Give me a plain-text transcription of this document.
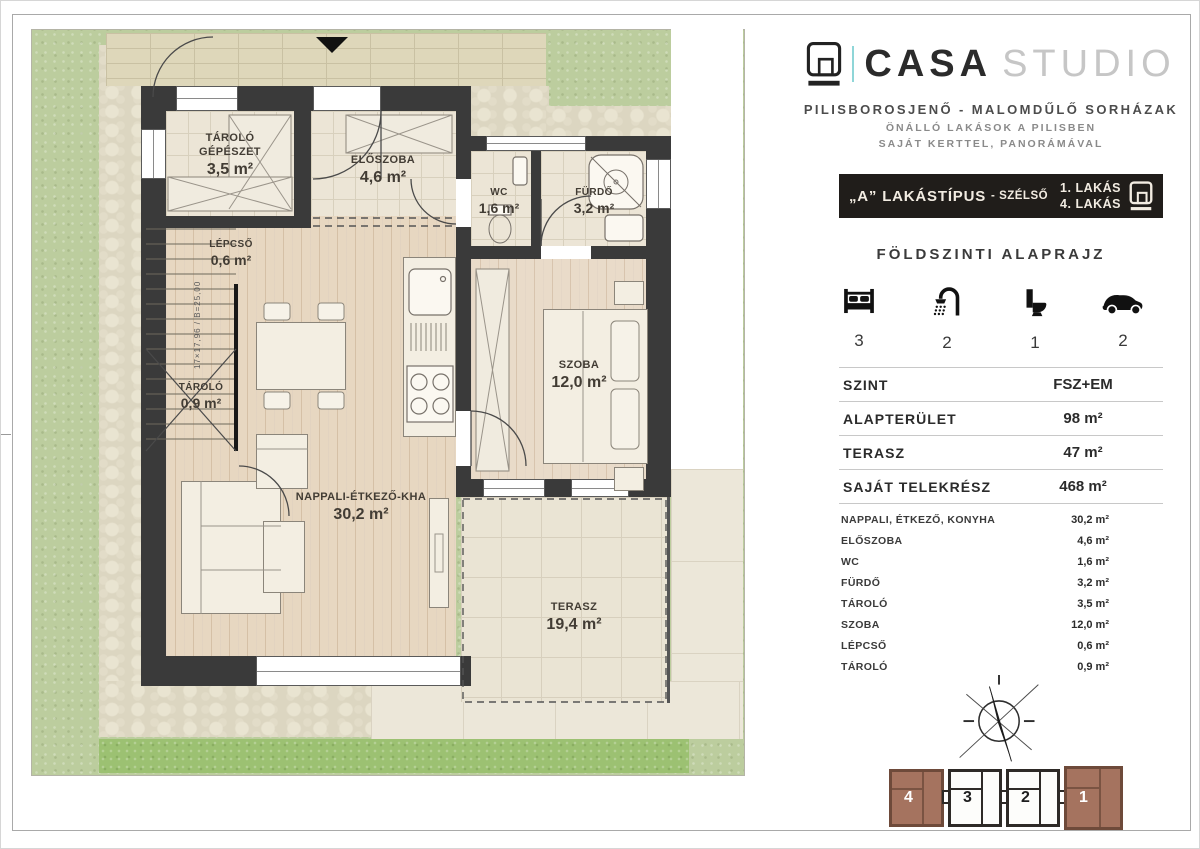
TÁROLÓ GÉPÉSZET
3,5 m²
ELŐSZOBA
4,6 m²
WC
1,6 m²
FÜRDŐ
3,2 m²
LÉPCSŐ
0,6 m²
TÁROLÓ
0,9 m²
SZOBA
12,0 m²
NAPPALI-ÉTKEZŐ-KHA
30,2 m²
TERASZ
19,4 m²
17×17,96 / B=25,00
CASA STUDIO
PILISBOROSJENŐ - MALOMDŰLŐ SORHÁZAK
ÖNÁLLÓ LAKÁSOK A PILISBEN
SAJÁT KERTTEL, PANORÁMÁVAL
„A” LAKÁSTÍPUS - SZÉLSŐ
1. LAKÁS
4. LAKÁS
FÖLDSZINTI ALAPRAJZ
3	2	1	2
SZINT	FSZ+EM
ALAPTERÜLET	98 m²
TERASZ	47 m²
SAJÁT TELEKRÉSZ	468 m²
NAPPALI, ÉTKEZŐ, KONYHA	30,2 m²
ELŐSZOBA	4,6 m²
WC	1,6 m²
FÜRDŐ	3,2 m²
TÁROLÓ	3,5 m²
SZOBA	12,0 m²
LÉPCSŐ	0,6 m²
TÁROLÓ	0,9 m²
4	3	2	1
